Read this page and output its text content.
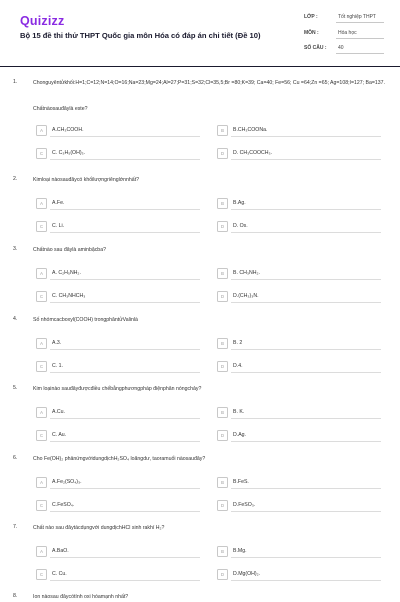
Quizizz
Bộ 15 đề thi thử THPT Quốc gia môn Hóa có đáp án chi tiết (Đề 10)
LỚP :	Tốt nghiệp THPT
MÔN :	Hóa học
SỐ CÂU : 40
1.	Chonguyêntửkhối:H=1;C=12;N=14;O=16;Na=23;Mg=24;Al=27;P=31;S=32;Cl=35,5;Br =80;K=39; Ca=40; Fe=56; Cu =64;Zn =65; Ag=108;I=127; Ba=137.
Chấtnàosauđâylà este?
A	A.CH₃COOH.	B	B.CH₃COONa.
C	C. C₃H₅(OH)₃.	D	D. CH₃COOCH₃.
2.	Kimloại nàosauđâycó khốilượngriênglớnnhất?
A	A.Fe.	B	B.Ag.
C	C. Li.	D	D. Os.
3.	Chấtnào sau đâylà aminbậcba?
A	A. C₂H₅NH₂.	B	B. CH₃NH₂.
C	C. CH₃NHCH₃	D	D.(CH₃)₃N.
4.	Số nhómcacboxyl(COOH) trongphântửValinlà
A	A.3.	B	B. 2
C	C. 1.	D	D.4.
5.	Kim loạinào sauđâyđượcđiều chếbằngphươngpháp điệnphân nóngchảy?
A	A.Cu.	B	B. K.
C	C. Au.	D	D.Ag.
6.	Cho Fe(OH)₂ phảnứngvớidungdịchH₂SO₄ loãngdư, taoramuối nàosauđây?
A	A.Fe₂(SO₄)₃.	B	B.FeS.
C	C.FeSO₄.	D	D.FeSO₃.
7.	Chất nào sau đâytácdụngvới dungdịchHCl sinh rakhí H₂?
A	A.BaO.	B	B.Mg.
C	C. Cu.	D	D.Mg(OH)₂.
8.	Ion nàosau đâycótính oxi hóamạnh nhất?
